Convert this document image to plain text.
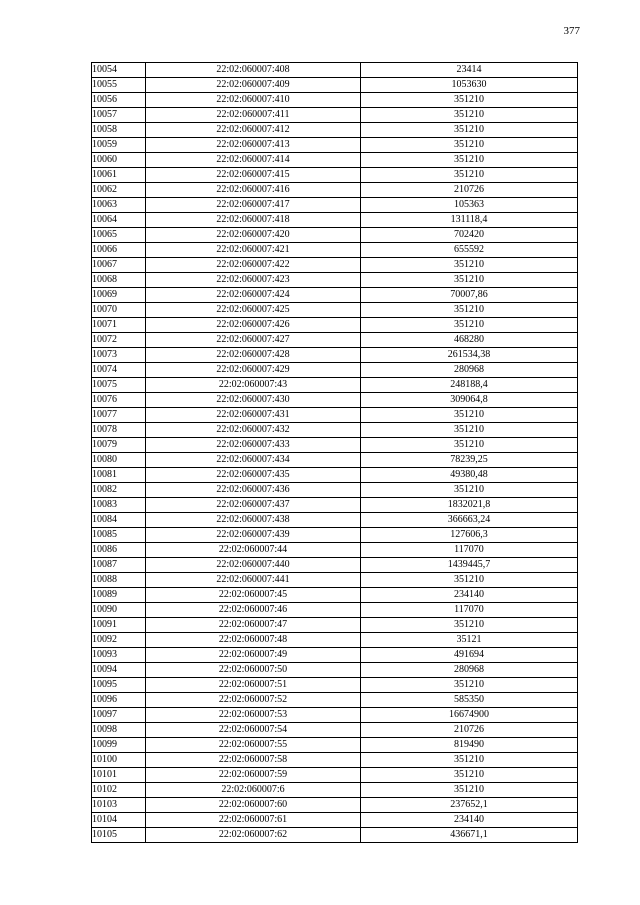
377
10054	22:02:060007:408	23414
10055	22:02:060007:409	1053630
10056	22:02:060007:410	351210
10057	22:02:060007:411	351210
10058	22:02:060007:412	351210
10059	22:02:060007:413	351210
10060	22:02:060007:414	351210
10061	22:02:060007:415	351210
10062	22:02:060007:416	210726
10063	22:02:060007:417	105363
10064	22:02:060007:418	131118,4
10065	22:02:060007:420	702420
10066	22:02:060007:421	655592
10067	22:02:060007:422	351210
10068	22:02:060007:423	351210
10069	22:02:060007:424	70007,86
10070	22:02:060007:425	351210
10071	22:02:060007:426	351210
10072	22:02:060007:427	468280
10073	22:02:060007:428	261534,38
10074	22:02:060007:429	280968
10075	22:02:060007:43	248188,4
10076	22:02:060007:430	309064,8
10077	22:02:060007:431	351210
10078	22:02:060007:432	351210
10079	22:02:060007:433	351210
10080	22:02:060007:434	78239,25
10081	22:02:060007:435	49380,48
10082	22:02:060007:436	351210
10083	22:02:060007:437	1832021,8
10084	22:02:060007:438	366663,24
10085	22:02:060007:439	127606,3
10086	22:02:060007:44	117070
10087	22:02:060007:440	1439445,7
10088	22:02:060007:441	351210
10089	22:02:060007:45	234140
10090	22:02:060007:46	117070
10091	22:02:060007:47	351210
10092	22:02:060007:48	35121
10093	22:02:060007:49	491694
10094	22:02:060007:50	280968
10095	22:02:060007:51	351210
10096	22:02:060007:52	585350
10097	22:02:060007:53	16674900
10098	22:02:060007:54	210726
10099	22:02:060007:55	819490
10100	22:02:060007:58	351210
10101	22:02:060007:59	351210
10102	22:02:060007:6	351210
10103	22:02:060007:60	237652,1
10104	22:02:060007:61	234140
10105	22:02:060007:62	436671,1
